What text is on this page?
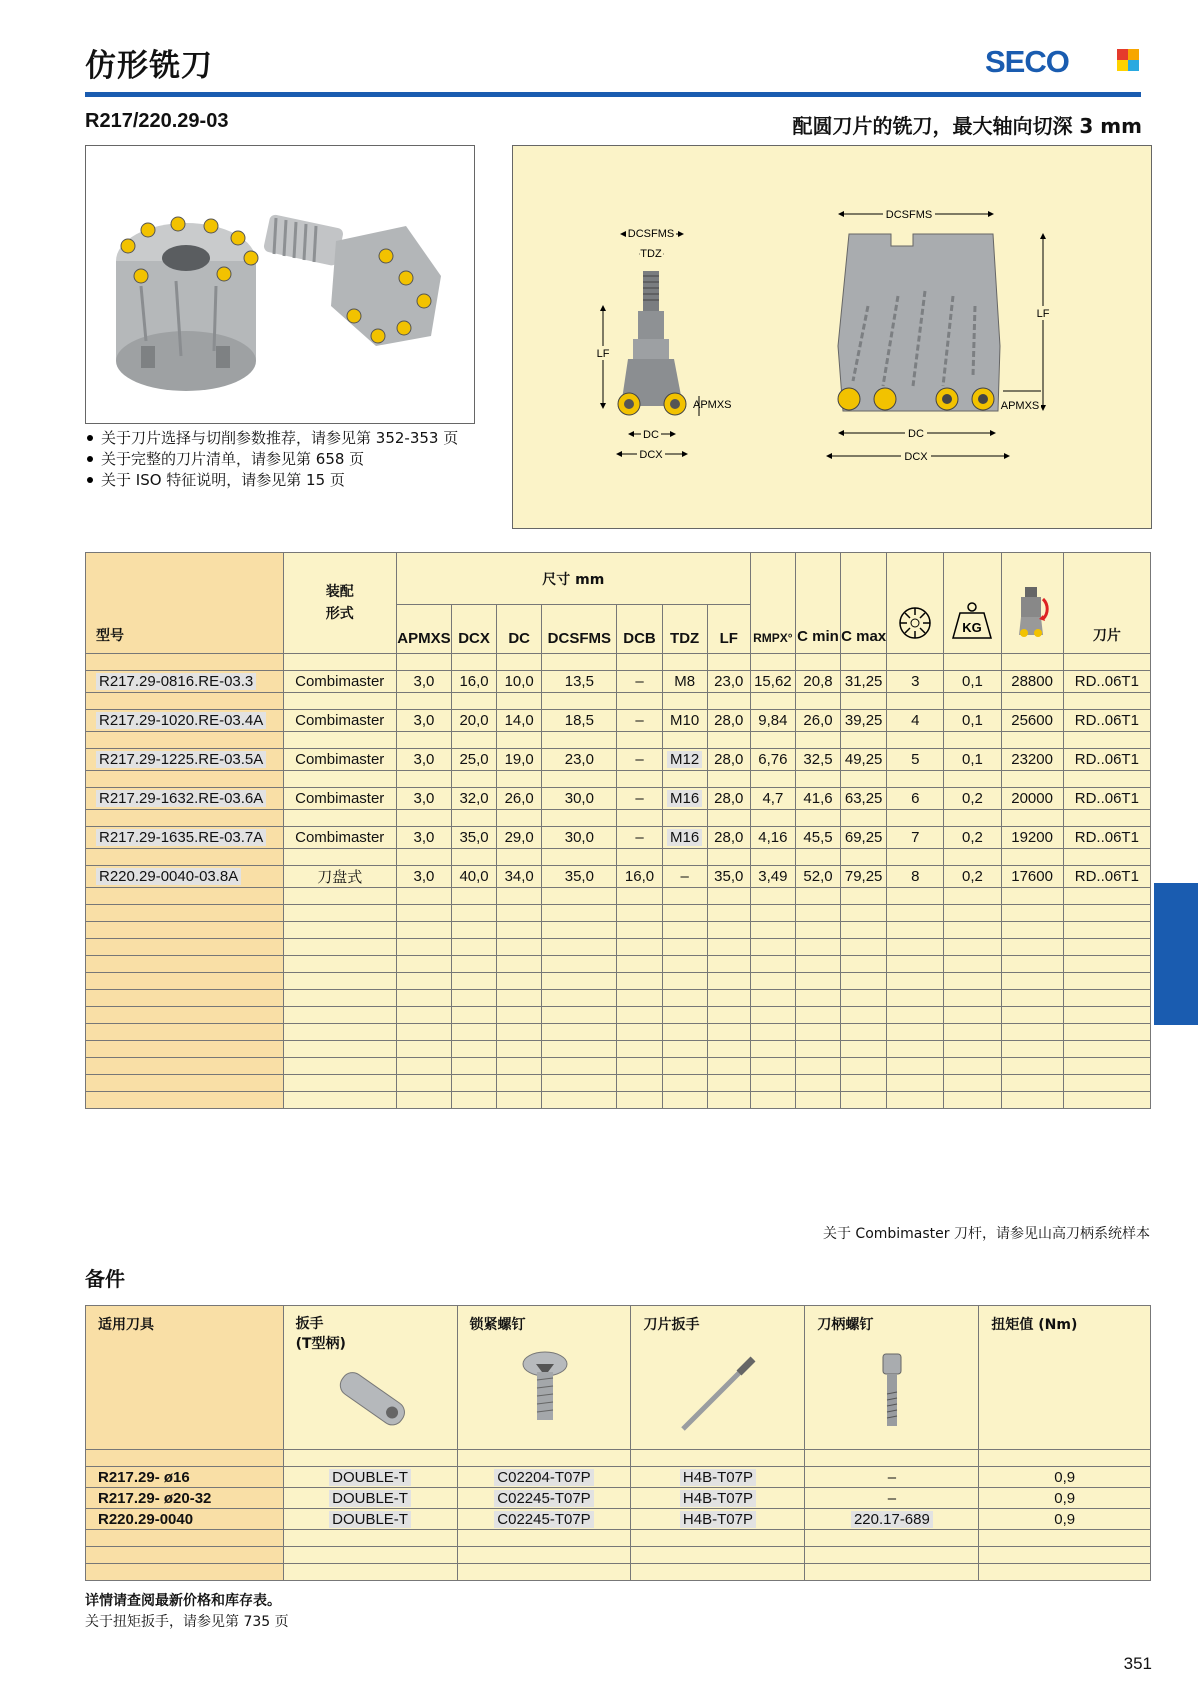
仿形铣刀	SECO
R217/220.29-03	配圆刀片的铣刀，最大轴向切深 3 mm
关于刀片选择与切削参数推荐，请参见第 352-353 页
关于完整的刀片清单，请参见第 658 页
关于 ISO 特征说明，请参见第 15 页
DCSFMS
TDZ
LF
APMXS
DC
DCX
DCSFMS
LF
APMXS
DC
DCX
型号	装配
形式	尺寸 mm							RMPX°	C min	C max		KG		刀片
		APMXS	DCX	DC	DCSFMS	DCB	TDZ	LF							

R217.29-0816.RE-03.3	Combimaster	3,0	16,0	10,0	13,5	–	M8	23,0	15,62	20,8	31,25	3	0,1	28800	RD..06T1

R217.29-1020.RE-03.4A	Combimaster	3,0	20,0	14,0	18,5	–	M10	28,0	9,84	26,0	39,25	4	0,1	25600	RD..06T1

R217.29-1225.RE-03.5A	Combimaster	3,0	25,0	19,0	23,0	–	M12	28,0	6,76	32,5	49,25	5	0,1	23200	RD..06T1

R217.29-1632.RE-03.6A	Combimaster	3,0	32,0	26,0	30,0	–	M16	28,0	4,7	41,6	63,25	6	0,2	20000	RD..06T1

R217.29-1635.RE-03.7A	Combimaster	3,0	35,0	29,0	30,0	–	M16	28,0	4,16	45,5	69,25	7	0,2	19200	RD..06T1

R220.29-0040-03.8A	刀盘式	3,0	40,0	34,0	35,0	16,0	–	35,0	3,49	52,0	79,25	8	0,2	17600	RD..06T1

关于 Combimaster 刀杆，请参见山高刀柄系统样本
备件
适用刀具	扳手
(T型柄)	锁紧螺钉	刀片扳手	刀柄螺钉	扭矩值 (Nm)

R217.29- ø16	DOUBLE-T	C02204-T07P	H4B-T07P	–	0,9
R217.29- ø20-32	DOUBLE-T	C02245-T07P	H4B-T07P	–	0,9
R220.29-0040	DOUBLE-T	C02245-T07P	H4B-T07P	220.17-689	0,9

详情请查阅最新价格和库存表。
关于扭矩扳手，请参见第 735 页
351
